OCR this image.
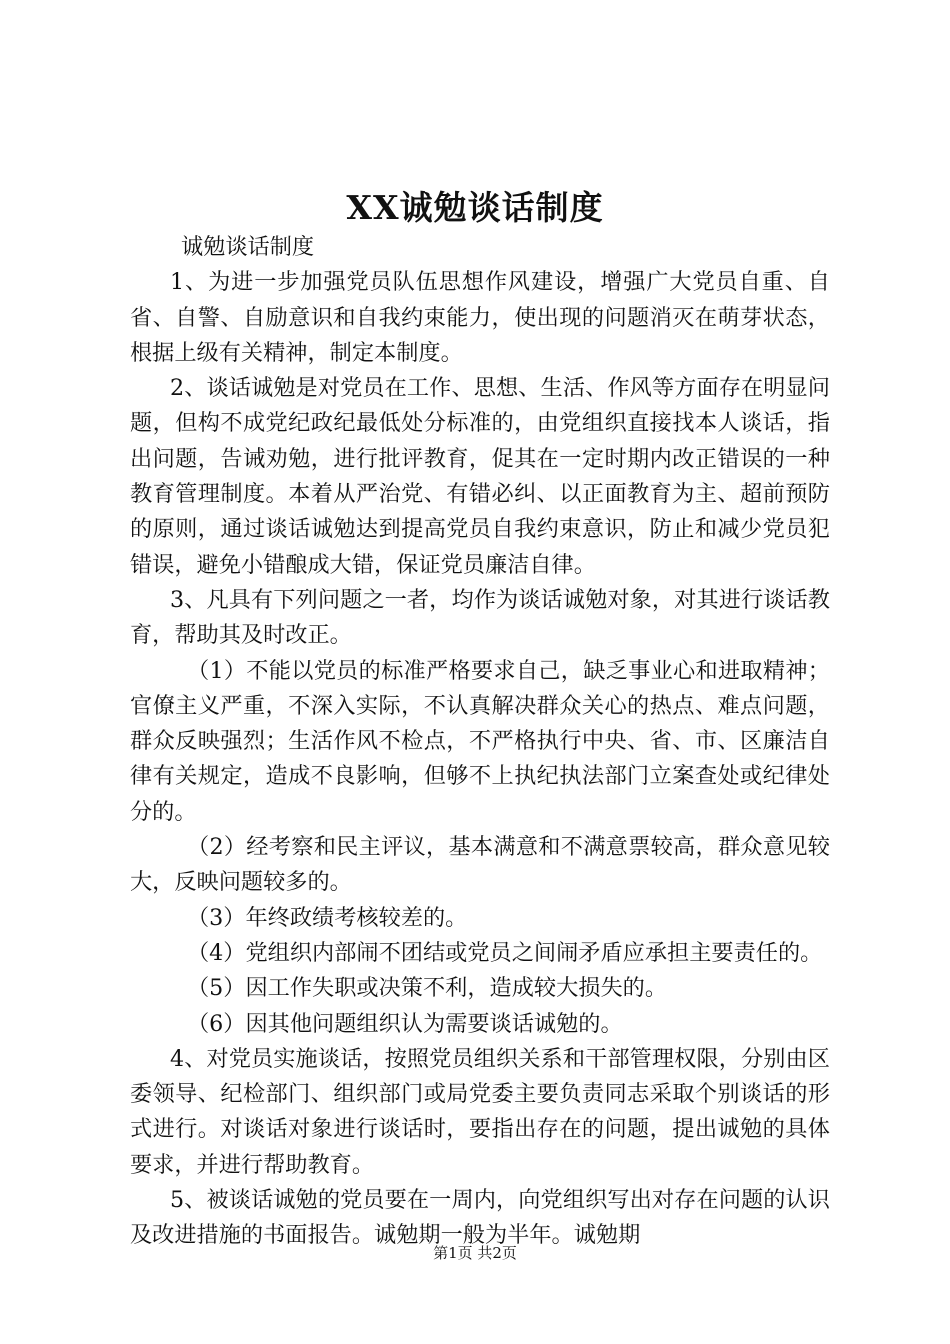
XX诚勉谈话制度

诚勉谈话制度

1、为进一步加强党员队伍思想作风建设，增强广大党员自重、自省、自警、自励意识和自我约束能力，使出现的问题消灭在萌芽状态，根据上级有关精神，制定本制度。

2、谈话诚勉是对党员在工作、思想、生活、作风等方面存在明显问题，但构不成党纪政纪最低处分标准的，由党组织直接找本人谈话，指出问题，告诫劝勉，进行批评教育，促其在一定时期内改正错误的一种教育管理制度。本着从严治党、有错必纠、以正面教育为主、超前预防的原则，通过谈话诚勉达到提高党员自我约束意识，防止和减少党员犯错误，避免小错酿成大错，保证党员廉洁自律。

3、凡具有下列问题之一者，均作为谈话诚勉对象，对其进行谈话教育，帮助其及时改正。

（1）不能以党员的标准严格要求自己，缺乏事业心和进取精神；官僚主义严重，不深入实际，不认真解决群众关心的热点、难点问题，群众反映强烈；生活作风不检点，不严格执行中央、省、市、区廉洁自律有关规定，造成不良影响，但够不上执纪执法部门立案查处或纪律处分的。

（2）经考察和民主评议，基本满意和不满意票较高，群众意见较大，反映问题较多的。

（3）年终政绩考核较差的。

（4）党组织内部闹不团结或党员之间闹矛盾应承担主要责任的。

（5）因工作失职或决策不利，造成较大损失的。

（6）因其他问题组织认为需要谈话诚勉的。

4、对党员实施谈话，按照党员组织关系和干部管理权限，分别由区委领导、纪检部门、组织部门或局党委主要负责同志采取个别谈话的形式进行。对谈话对象进行谈话时，要指出存在的问题，提出诚勉的具体要求，并进行帮助教育。

5、被谈话诚勉的党员要在一周内，向党组织写出对存在问题的认识及改进措施的书面报告。诚勉期一般为半年。诚勉期

第1页 共2页
